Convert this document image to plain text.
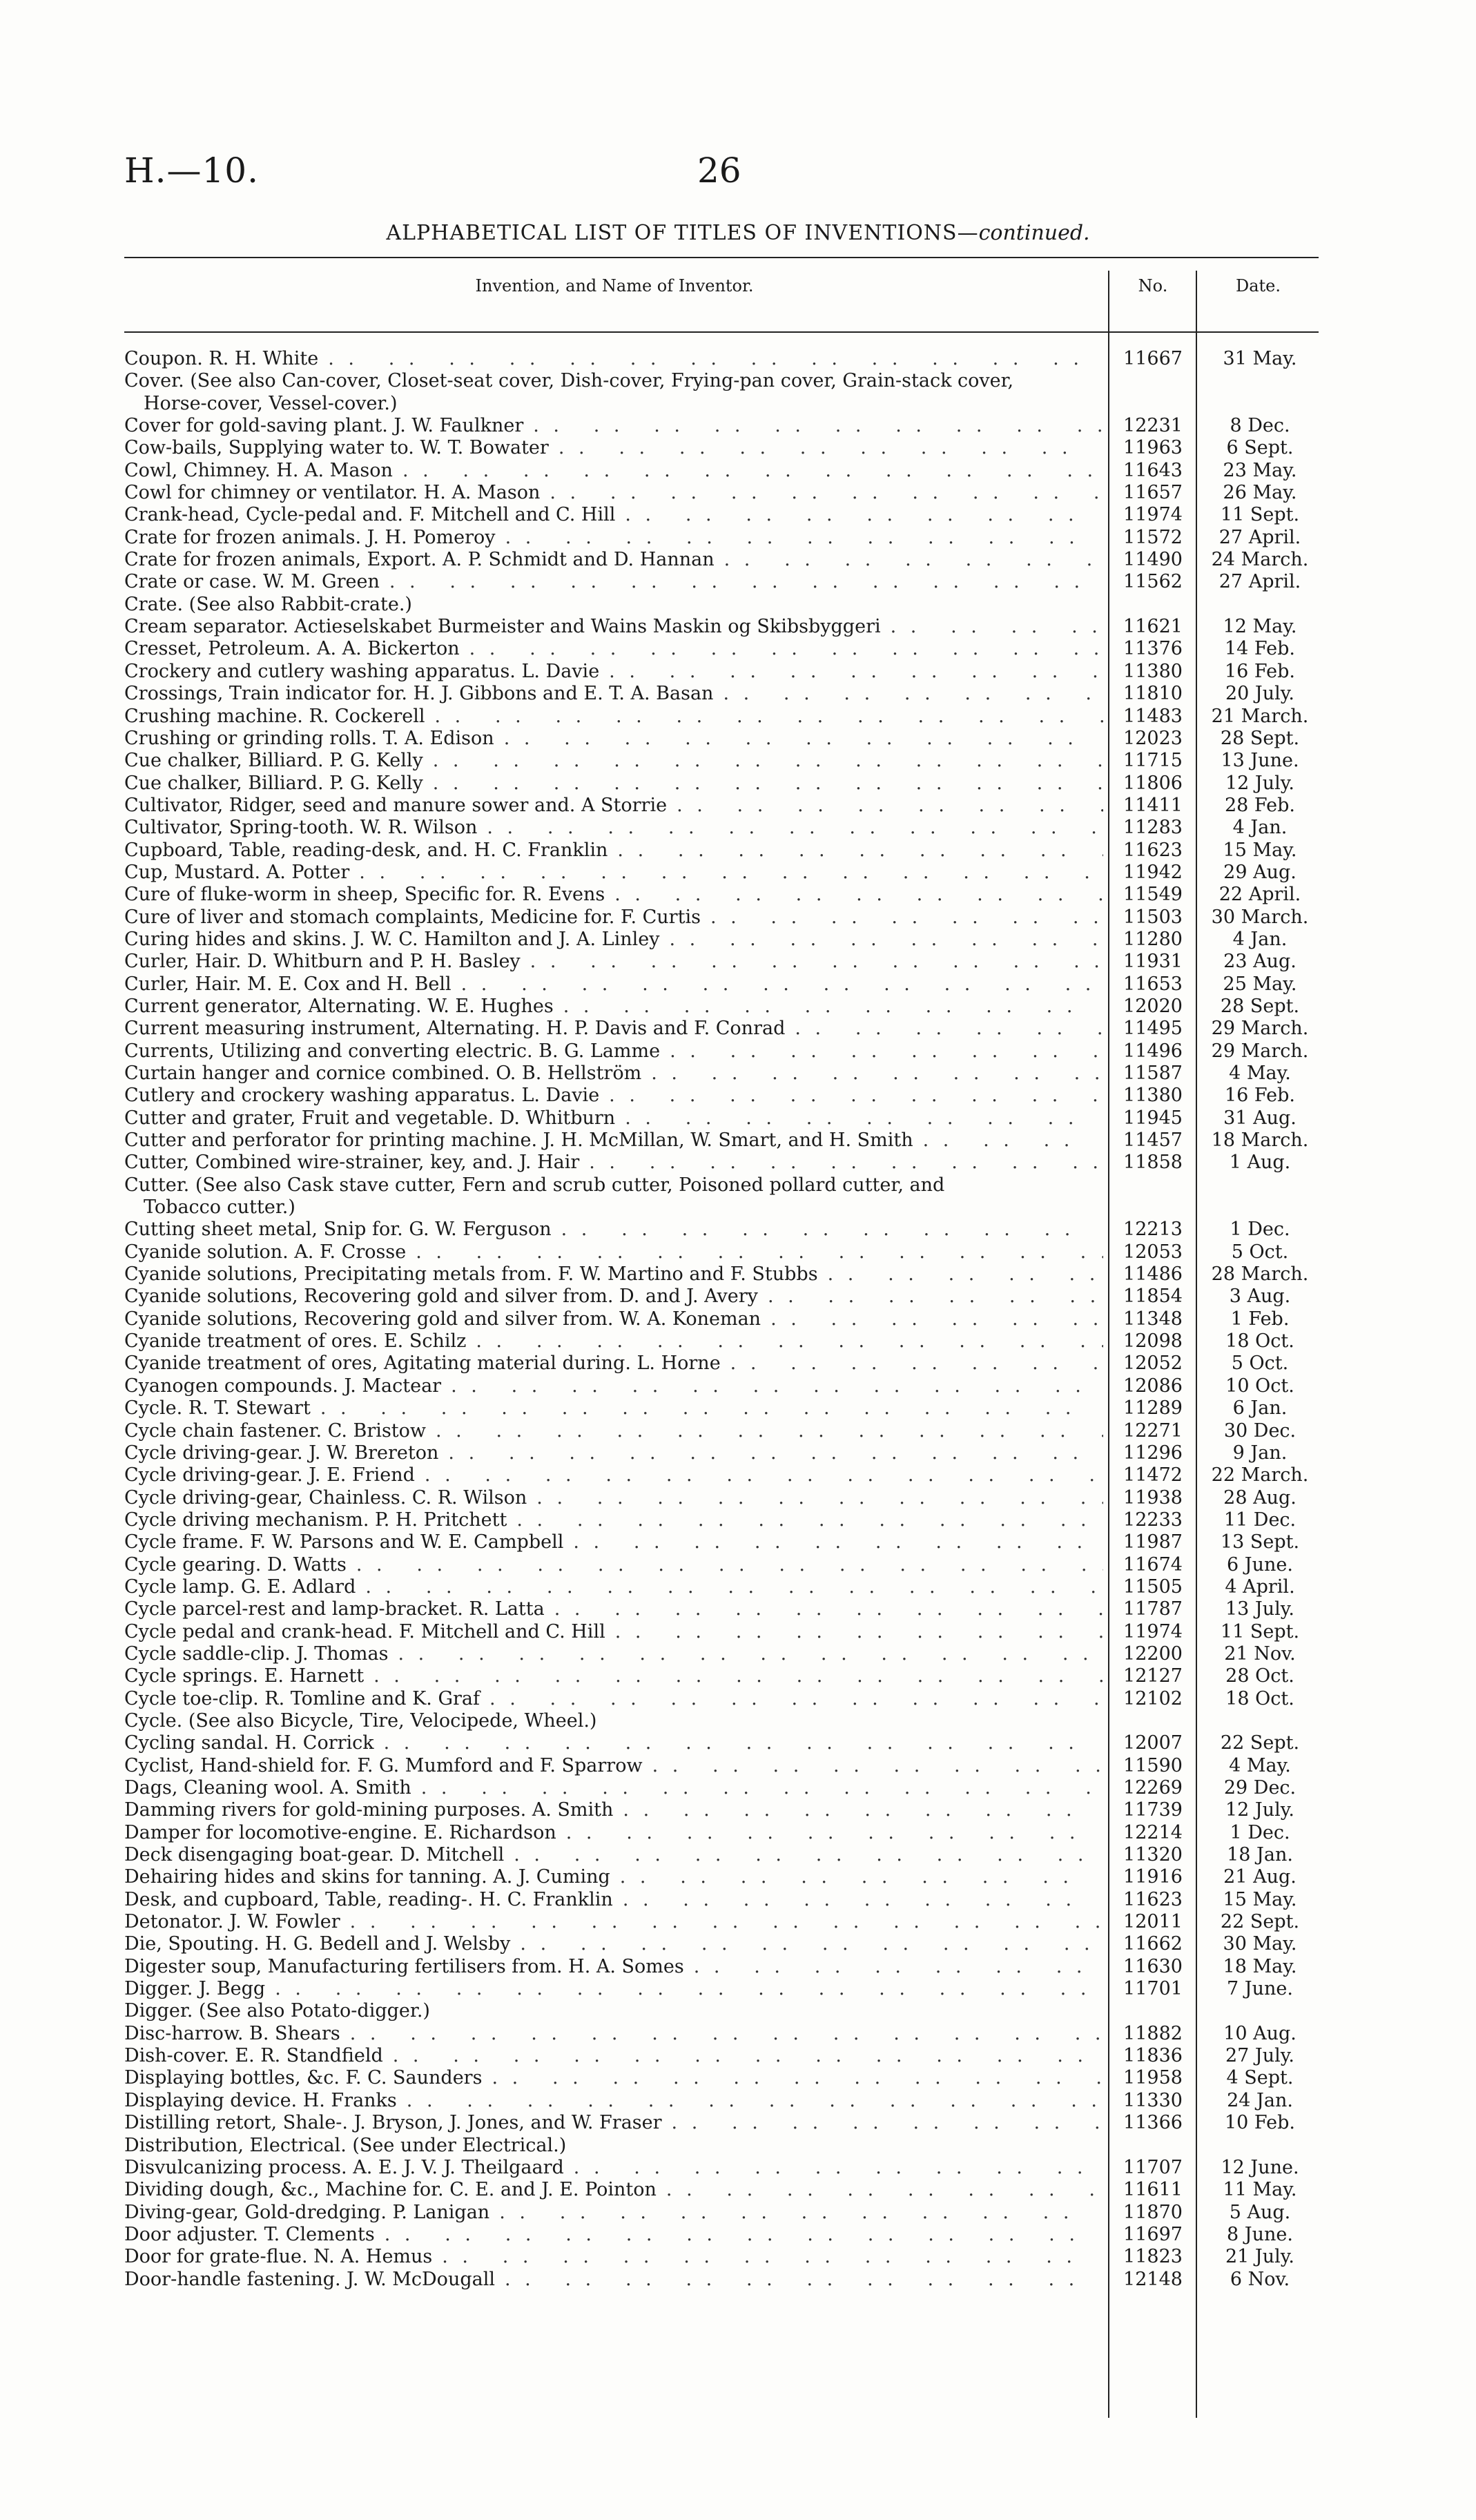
H.—10.	26
ALPHABETICAL LIST OF TITLES OF INVENTIONS—continued.
Invention, and Name of Inventor.	No.	Date.
Coupon. R. H. White . .	11667	31 May.
Cover. (See also Can-cover, Closet-seat cover, Dish-cover, Frying-pan cover, Grain-stack cover,
Horse-cover, Vessel-cover.)
Cover for gold-saving plant. J. W. Faulkner . .	12231	8 Dec.
Cow-bails, Supplying water to. W. T. Bowater . .	11963	6 Sept.
Cowl, Chimney. H. A. Mason . .	11643	23 May.
Cowl for chimney or ventilator. H. A. Mason . .	11657	26 May.
Crank-head, Cycle-pedal and. F. Mitchell and C. Hill . .	11974	11 Sept.
Crate for frozen animals. J. H. Pomeroy . .	11572	27 April.
Crate for frozen animals, Export. A. P. Schmidt and D. Hannan . .	11490	24 March.
Crate or case. W. M. Green . .	11562	27 April.
Crate. (See also Rabbit-crate.)
Cream separator. Actieselskabet Burmeister and Wains Maskin og Skibsbyggeri . .	11621	12 May.
Cresset, Petroleum. A. A. Bickerton . .	11376	14 Feb.
Crockery and cutlery washing apparatus. L. Davie . .	11380	16 Feb.
Crossings, Train indicator for. H. J. Gibbons and E. T. A. Basan . .	11810	20 July.
Crushing machine. R. Cockerell . .	11483	21 March.
Crushing or grinding rolls. T. A. Edison . .	12023	28 Sept.
Cue chalker, Billiard. P. G. Kelly . .	11715	13 June.
Cue chalker, Billiard. P. G. Kelly . .	11806	12 July.
Cultivator, Ridger, seed and manure sower and. A Storrie . .	11411	28 Feb.
Cultivator, Spring-tooth. W. R. Wilson . .	11283	4 Jan.
Cupboard, Table, reading-desk, and. H. C. Franklin . .	11623	15 May.
Cup, Mustard. A. Potter . .	11942	29 Aug.
Cure of fluke-worm in sheep, Specific for. R. Evens . .	11549	22 April.
Cure of liver and stomach complaints, Medicine for. F. Curtis . .	11503	30 March.
Curing hides and skins. J. W. C. Hamilton and J. A. Linley . .	11280	4 Jan.
Curler, Hair. D. Whitburn and P. H. Basley . .	11931	23 Aug.
Curler, Hair. M. E. Cox and H. Bell . .	11653	25 May.
Current generator, Alternating. W. E. Hughes . .	12020	28 Sept.
Current measuring instrument, Alternating. H. P. Davis and F. Conrad . .	11495	29 March.
Currents, Utilizing and converting electric. B. G. Lamme . .	11496	29 March.
Curtain hanger and cornice combined. O. B. Hellström . .	11587	4 May.
Cutlery and crockery washing apparatus. L. Davie . .	11380	16 Feb.
Cutter and grater, Fruit and vegetable. D. Whitburn . .	11945	31 Aug.
Cutter and perforator for printing machine. J. H. McMillan, W. Smart, and H. Smith . .	11457	18 March.
Cutter, Combined wire-strainer, key, and. J. Hair . .	11858	1 Aug.
Cutter. (See also Cask stave cutter, Fern and scrub cutter, Poisoned pollard cutter, and
Tobacco cutter.)
Cutting sheet metal, Snip for. G. W. Ferguson . .	12213	1 Dec.
Cyanide solution. A. F. Crosse . .	12053	5 Oct.
Cyanide solutions, Precipitating metals from. F. W. Martino and F. Stubbs . .	11486	28 March.
Cyanide solutions, Recovering gold and silver from. D. and J. Avery . .	11854	3 Aug.
Cyanide solutions, Recovering gold and silver from. W. A. Koneman . .	11348	1 Feb.
Cyanide treatment of ores. E. Schilz . .	12098	18 Oct.
Cyanide treatment of ores, Agitating material during. L. Horne . .	12052	5 Oct.
Cyanogen compounds. J. Mactear . .	12086	10 Oct.
Cycle. R. T. Stewart . .	11289	6 Jan.
Cycle chain fastener. C. Bristow . .	12271	30 Dec.
Cycle driving-gear. J. W. Brereton . .	11296	9 Jan.
Cycle driving-gear. J. E. Friend . .	11472	22 March.
Cycle driving-gear, Chainless. C. R. Wilson . .	11938	28 Aug.
Cycle driving mechanism. P. H. Pritchett . .	12233	11 Dec.
Cycle frame. F. W. Parsons and W. E. Campbell . .	11987	13 Sept.
Cycle gearing. D. Watts . .	11674	6 June.
Cycle lamp. G. E. Adlard . .	11505	4 April.
Cycle parcel-rest and lamp-bracket. R. Latta . .	11787	13 July.
Cycle pedal and crank-head. F. Mitchell and C. Hill . .	11974	11 Sept.
Cycle saddle-clip. J. Thomas . .	12200	21 Nov.
Cycle springs. E. Harnett . .	12127	28 Oct.
Cycle toe-clip. R. Tomline and K. Graf . .	12102	18 Oct.
Cycle. (See also Bicycle, Tire, Velocipede, Wheel.)
Cycling sandal. H. Corrick . .	12007	22 Sept.
Cyclist, Hand-shield for. F. G. Mumford and F. Sparrow . .	11590	4 May.
Dags, Cleaning wool. A. Smith . .	12269	29 Dec.
Damming rivers for gold-mining purposes. A. Smith . .	11739	12 July.
Damper for locomotive-engine. E. Richardson . .	12214	1 Dec.
Deck disengaging boat-gear. D. Mitchell . .	11320	18 Jan.
Dehairing hides and skins for tanning. A. J. Cuming . .	11916	21 Aug.
Desk, and cupboard, Table, reading-. H. C. Franklin . .	11623	15 May.
Detonator. J. W. Fowler . .	12011	22 Sept.
Die, Spouting. H. G. Bedell and J. Welsby . .	11662	30 May.
Digester soup, Manufacturing fertilisers from. H. A. Somes . .	11630	18 May.
Digger. J. Begg . .	11701	7 June.
Digger. (See also Potato-digger.)
Disc-harrow. B. Shears . .	11882	10 Aug.
Dish-cover. E. R. Standfield . .	11836	27 July.
Displaying bottles, &c. F. C. Saunders . .	11958	4 Sept.
Displaying device. H. Franks . .	11330	24 Jan.
Distilling retort, Shale-. J. Bryson, J. Jones, and W. Fraser . .	11366	10 Feb.
Distribution, Electrical. (See under Electrical.)
Disvulcanizing process. A. E. J. V. J. Theilgaard . .	11707	12 June.
Dividing dough, &c., Machine for. C. E. and J. E. Pointon . .	11611	11 May.
Diving-gear, Gold-dredging. P. Lanigan . .	11870	5 Aug.
Door adjuster. T. Clements . .	11697	8 June.
Door for grate-flue. N. A. Hemus . .	11823	21 July.
Door-handle fastening. J. W. McDougall . .	12148	6 Nov.
